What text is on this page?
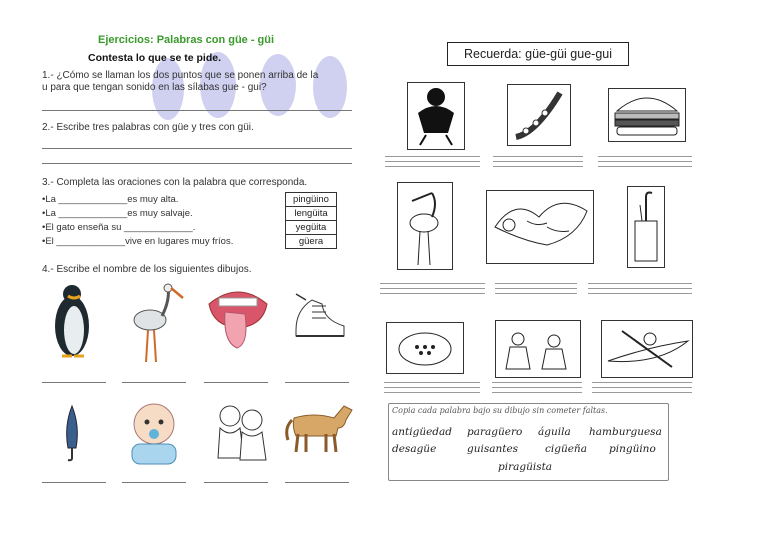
Ejercicios: Palabras con güe - güi
Contesta lo que se te pide.
1.- ¿Cómo se llaman los dos puntos que se ponen arriba de la
u para que tengan sonido en las sílabas gue - gui?
2.- Escribe tres palabras con güe y tres con güi.
3.- Completa las oraciones con la palabra que corresponda.
•La _____________es muy alta.
•La _____________es muy salvaje.
•El gato enseña su _____________.
•El _____________vive en lugares muy fríos.
pingüino
lengüita
yegüita
güera
4.- Escribe el nombre de los siguientes dibujos.
Recuerda: güe-güi gue-gui
Copia cada palabra bajo su dibujo sin cometer faltas.
antigüedad paragüero águila hamburguesa
desagüe	guisantes	cigüeña pingüino
piragüista
